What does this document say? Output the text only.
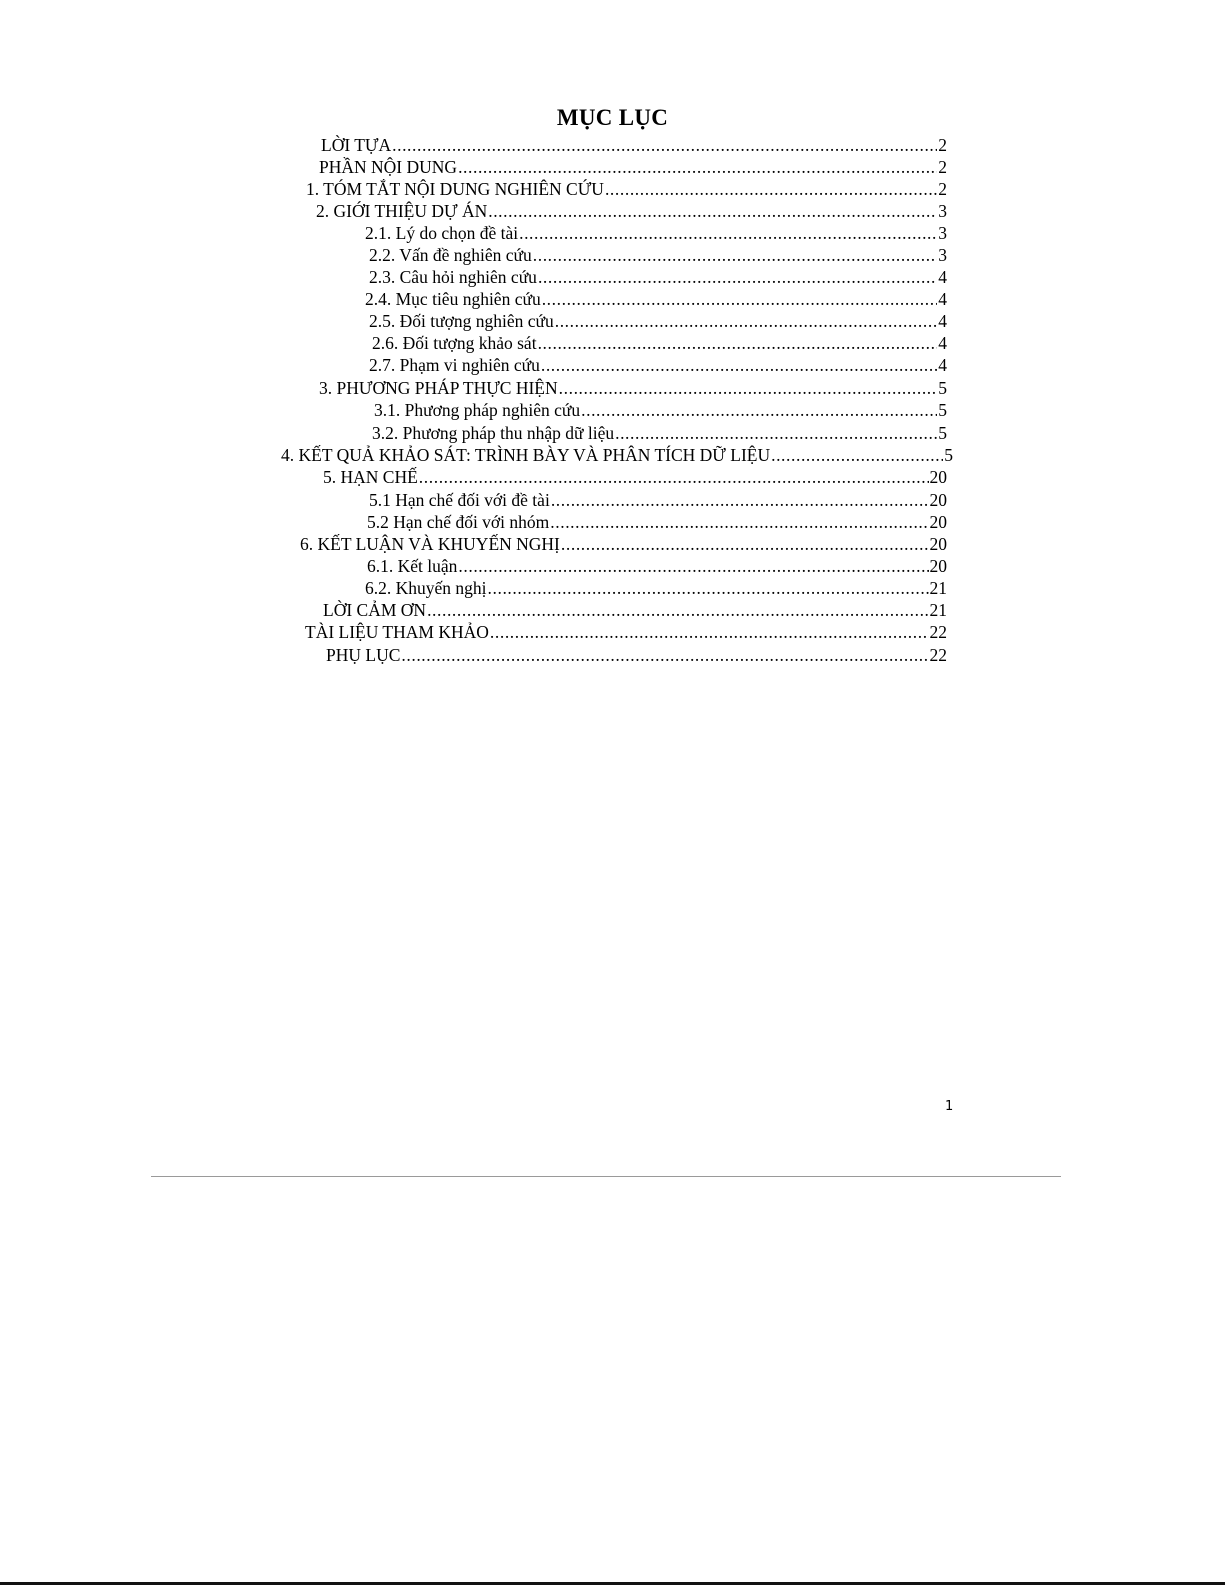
MỤC LỤC
LỜI TỰA .....	2
PHẦN NỘI DUNG .....	2
1. TÓM TẮT NỘI DUNG NGHIÊN CỨU .....	2
2. GIỚI THIỆU DỰ ÁN .....	3
2.1. Lý do chọn đề tài .....	3
2.2. Vấn đề nghiên cứu .....	3
2.3. Câu hỏi nghiên cứu .....	4
2.4. Mục tiêu nghiên cứu .....	4
2.5. Đối tượng nghiên cứu .....	4
2.6. Đối tượng khảo sát .....	4
2.7. Phạm vi nghiên cứu .....	4
3. PHƯƠNG PHÁP THỰC HIỆN .....	5
3.1. Phương pháp nghiên cứu .....	5
3.2. Phương pháp thu nhập dữ liệu .....	5
4. KẾT QUẢ KHẢO SÁT: TRÌNH BÀY VÀ PHÂN TÍCH DỮ LIỆU .....	5
5. HẠN CHẾ .....	20
5.1 Hạn chế đối với đề tài .....	20
5.2 Hạn chế đối với nhóm .....	20
6. KẾT LUẬN VÀ KHUYẾN NGHỊ .....	20
6.1. Kết luận .....	20
6.2. Khuyến nghị .....	21
LỜI CẢM ƠN .....	21
TÀI LIỆU THAM KHẢO .....	22
PHỤ LỤC .....	22
1
